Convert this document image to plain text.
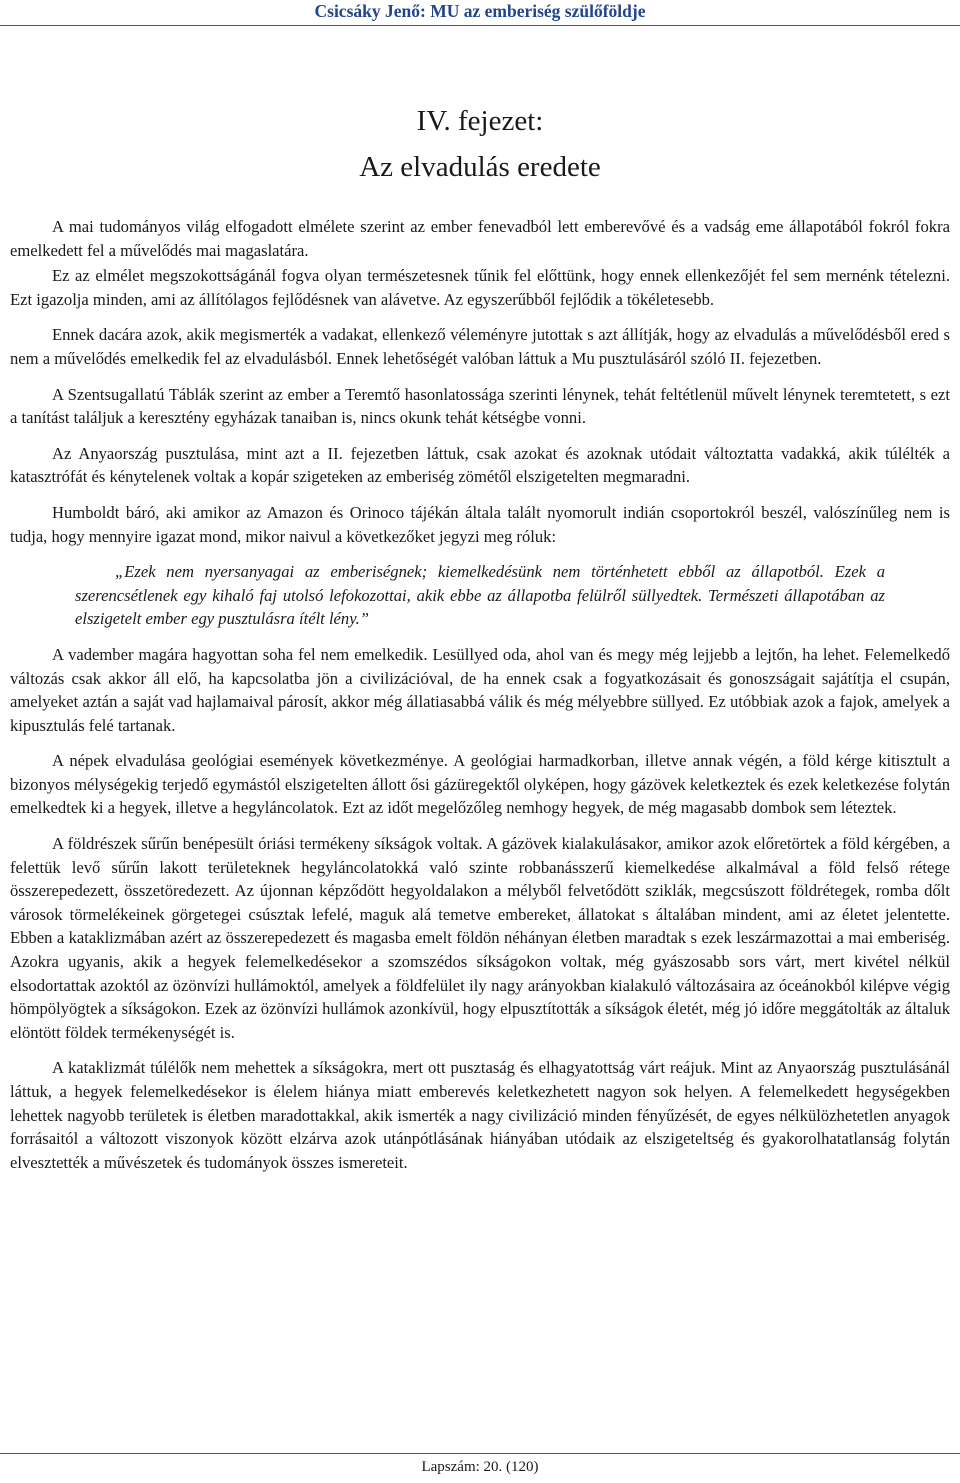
Csicsáky Jenő: MU az emberiség szülőföldje
IV. fejezet:
Az elvadulás eredete

A mai tudományos világ elfogadott elmélete szerint az ember fenevadból lett emberevővé és a vadság eme állapotából fokról fokra emelkedett fel a művelődés mai magaslatára.

Ez az elmélet megszokottságánál fogva olyan természetesnek tűnik fel előttünk, hogy ennek ellenkezőjét fel sem mernénk tételezni. Ezt igazolja minden, ami az állítólagos fejlődésnek van alávetve. Az egyszerűbből fejlődik a tökéletesebb.

Ennek dacára azok, akik megismerték a vadakat, ellenkező véleményre jutottak s azt állítják, hogy az elvadulás a művelődésből ered s nem a művelődés emelkedik fel az elvadulásból. Ennek lehetőségét valóban láttuk a Mu pusztulásáról szóló II. fejezetben.

A Szentsugallatú Táblák szerint az ember a Teremtő hasonlatossága szerinti lénynek, tehát feltétlenül művelt lénynek teremtetett, s ezt a tanítást találjuk a keresztény egyházak tanaiban is, nincs okunk tehát kétségbe vonni.

Az Anyaország pusztulása, mint azt a II. fejezetben láttuk, csak azokat és azoknak utódait változtatta vadakká, akik túlélték a katasztrófát és kénytelenek voltak a kopár szigeteken az emberiség zömétől elszigetelten megmaradni.

Humboldt báró, aki amikor az Amazon és Orinoco tájékán általa talált nyomorult indián csoportokról beszél, valószínűleg nem is tudja, hogy mennyire igazat mond, mikor naivul a következőket jegyzi meg róluk:

„Ezek nem nyersanyagai az emberiségnek; kiemelkedésünk nem történhetett ebből az állapotból. Ezek a szerencsétlenek egy kihaló faj utolsó lefokozottai, akik ebbe az állapotba felülről süllyedtek. Természeti állapotában az elszigetelt ember egy pusztulásra ítélt lény.”

A vadember magára hagyottan soha fel nem emelkedik. Lesüllyed oda, ahol van és megy még lejjebb a lejtőn, ha lehet. Felemelkedő változás csak akkor áll elő, ha kapcsolatba jön a civilizációval, de ha ennek csak a fogyatkozásait és gonoszságait sajátítja el csupán, amelyeket aztán a saját vad hajlamaival párosít, akkor még állatiasabbá válik és még mélyebbre süllyed. Ez utóbbiak azok a fajok, amelyek a kipusztulás felé tartanak.

A népek elvadulása geológiai események következménye. A geológiai harmadkorban, illetve annak végén, a föld kérge kitisztult a bizonyos mélységekig terjedő egymástól elszigetelten állott ősi gázüregektől olyképen, hogy gázövek keletkeztek és ezek keletkezése folytán emelkedtek ki a hegyek, illetve a hegyláncolatok. Ezt az időt megelőzőleg nemhogy hegyek, de még magasabb dombok sem léteztek.

A földrészek sűrűn benépesült óriási termékeny síkságok voltak. A gázövek kialakulásakor, amikor azok előretörtek a föld kérgében, a felettük levő sűrűn lakott területeknek hegyláncolatokká való szinte robbanásszerű kiemelkedése alkalmával a föld felső rétege összerepedezett, összetöredezett. Az újonnan képződött hegyoldalakon a mélyből felvetődött sziklák, megcsúszott földrétegek, romba dőlt városok törmelékeinek görgetegei csúsztak lefelé, maguk alá temetve embereket, állatokat s általában mindent, ami az életet jelentette. Ebben a kataklizmában azért az összerepedezett és magasba emelt földön néhányan életben maradtak s ezek leszármazottai a mai emberiség. Azokra ugyanis, akik a hegyek felemelkedésekor a szomszédos síkságokon voltak, még gyászosabb sors várt, mert kivétel nélkül elsodortattak azoktól az özönvízi hullámoktól, amelyek a földfelület ily nagy arányokban kialakuló változásaira az óceánokból kilépve végig hömpölyögtek a síkságokon. Ezek az özönvízi hullámok azonkívül, hogy elpusztították a síkságok életét, még jó időre meggátolták az általuk elöntött földek termékenységét is.

A kataklizmát túlélők nem mehettek a síkságokra, mert ott pusztaság és elhagyatottság várt reájuk. Mint az Anyaország pusztulásánál láttuk, a hegyek felemelkedésekor is élelem hiánya miatt emberevés keletkezhetett nagyon sok helyen. A felemelkedett hegységekben lehettek nagyobb területek is életben maradottakkal, akik ismerték a nagy civilizáció minden fényűzését, de egyes nélkülözhetetlen anyagok forrásaitól a változott viszonyok között elzárva azok utánpótlásának hiányában utódaik az elszigeteltség és gyakorolhatatlanság folytán elvesztették a művészetek és tudományok összes ismereteit.

Lapszám: 20. (120)
